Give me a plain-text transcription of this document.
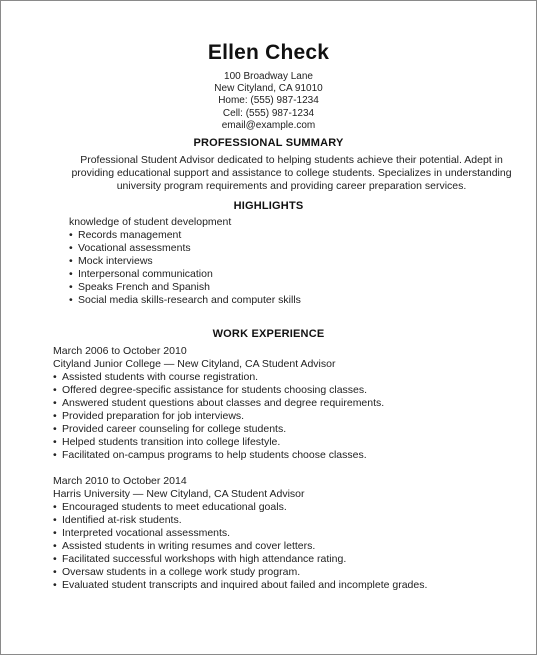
Ellen Check
100 Broadway Lane
New Cityland, CA 91010
Home: (555) 987-1234
Cell: (555) 987-1234
email@example.com
PROFESSIONAL SUMMARY
Professional Student Advisor dedicated to helping students achieve their potential. Adept in providing educational support and assistance to college students. Specializes in understanding university program requirements and providing career preparation services.
HIGHLIGHTS
knowledge of student development
• Records management
• Vocational assessments
• Mock interviews
• Interpersonal communication
• Speaks French and Spanish
• Social media skills-research and computer skills
WORK EXPERIENCE
March 2006 to October 2010
Cityland Junior College — New Cityland, CA Student Advisor
• Assisted students with course registration.
• Offered degree-specific assistance for students choosing classes.
• Answered student questions about classes and degree requirements.
• Provided preparation for job interviews.
• Provided career counseling for college students.
• Helped students transition into college lifestyle.
• Facilitated on-campus programs to help students choose classes.
March 2010 to October 2014
Harris University — New Cityland, CA Student Advisor
• Encouraged students to meet educational goals.
• Identified at-risk students.
• Interpreted vocational assessments.
• Assisted students in writing resumes and cover letters.
• Facilitated successful workshops with high attendance rating.
• Oversaw students in a college work study program.
• Evaluated student transcripts and inquired about failed and incomplete grades.
